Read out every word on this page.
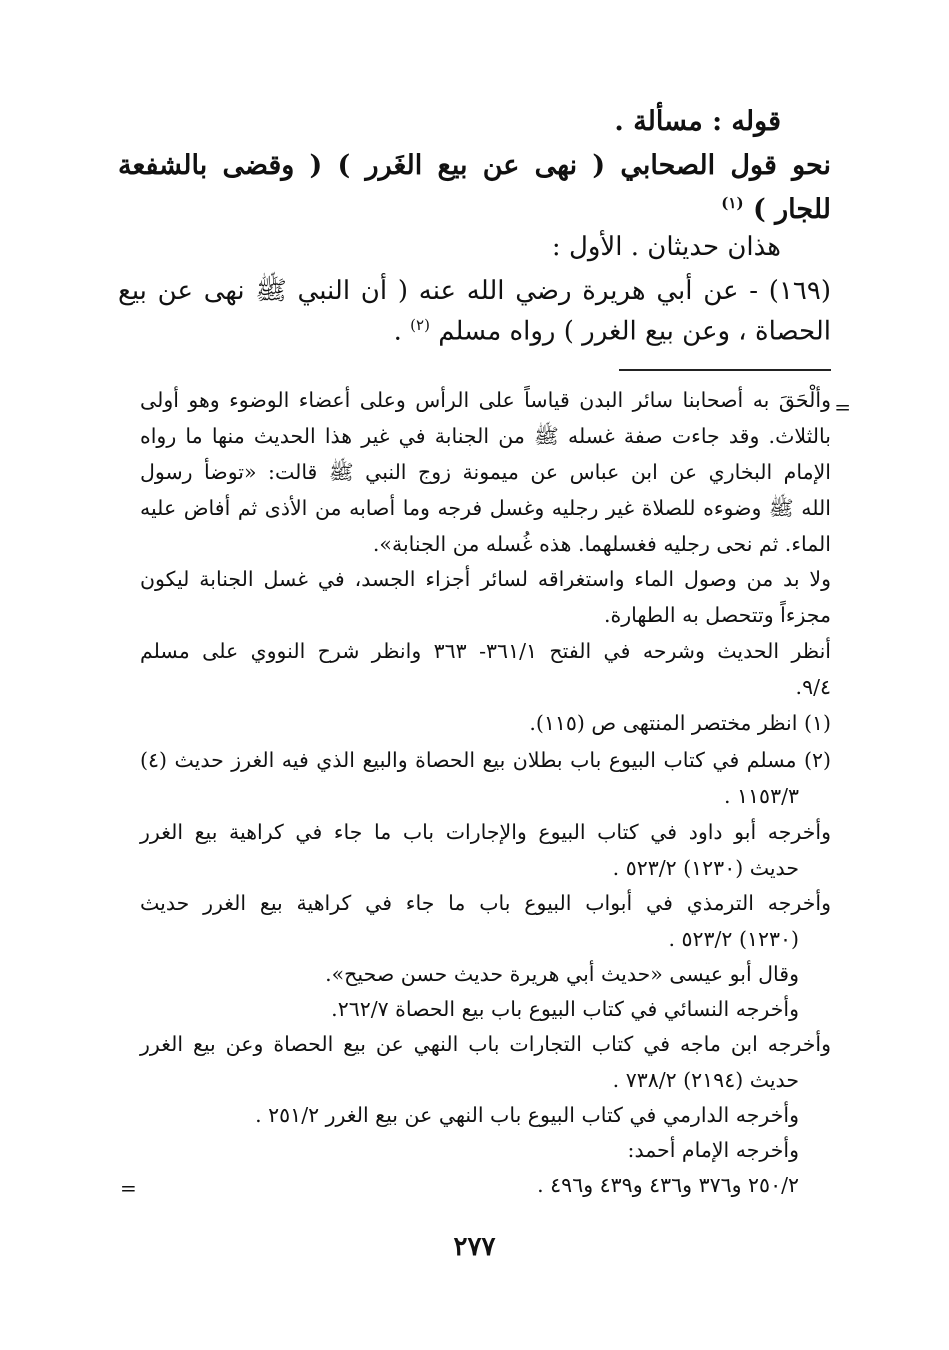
قوله : مسألة .
نحو قول الصحابي ( نهى عن بيع الغَرر ) ( وقضى بالشفعة
للجار ) $^{(١)}$
هذان حديثان . الأول :
(١٦٩) - عن أبي هريرة رضي الله عنه ( أن النبي ﷺ نهى عن بيع
الحصاة ، وعن بيع الغرر ) رواه مسلم $^{(٢)}$ .
=
وألْحَقَ به أصحابنا سائر البدن قياساً على الرأس وعلى أعضاء الوضوء وهو أولى
بالثلاث. وقد جاءت صفة غسله ﷺ من الجنابة في غير هذا الحديث منها ما رواه
الإمام البخاري عن ابن عباس عن ميمونة زوج النبي ﷺ قالت: «توضأ رسول
الله ﷺ وضوءه للصلاة غير رجليه وغسل فرجه وما أصابه من الأذى ثم أفاض عليه
الماء. ثم نحى رجليه فغسلهما. هذه غُسله من الجنابة».
ولا بد من وصول الماء واستغراقه لسائر أجزاء الجسد، في غسل الجنابة ليكون
مجزءاً وتتحصل به الطهارة.
أنظر الحديث وشرحه في الفتح ٣٦١/١- ٣٦٣ وانظر شرح النووي على مسلم
٩/٤.
(١) انظر مختصر المنتهى ص (١١٥).
(٢) مسلم في كتاب البيوع باب بطلان بيع الحصاة والبيع الذي فيه الغرز حديث (٤)
١١٥٣/٣ .
وأخرجه أبو داود في كتاب البيوع والإجارات باب ما جاء في كراهية بيع الغرر
حديث (١٢٣٠) ٥٢٣/٢ .
وأخرجه الترمذي في أبواب البيوع باب ما جاء في كراهية بيع الغرر حديث
(١٢٣٠) ٥٢٣/٢ .
وقال أبو عيسى «حديث أبي هريرة حديث حسن صحيح».
وأخرجه النسائي في كتاب البيوع باب بيع الحصاة ٢٦٢/٧.
وأخرجه ابن ماجه في كتاب التجارات باب النهي عن بيع الحصاة وعن بيع الغرر
حديث (٢١٩٤) ٧٣٨/٢ .
وأخرجه الدارمي في كتاب البيوع باب النهي عن بيع الغرر ٢٥١/٢ .
وأخرجه الإمام أحمد:
٢٥٠/٢ و٣٧٦ و٤٣٦ و٤٣٩ و٤٩٦ .
=
٢٧٧
